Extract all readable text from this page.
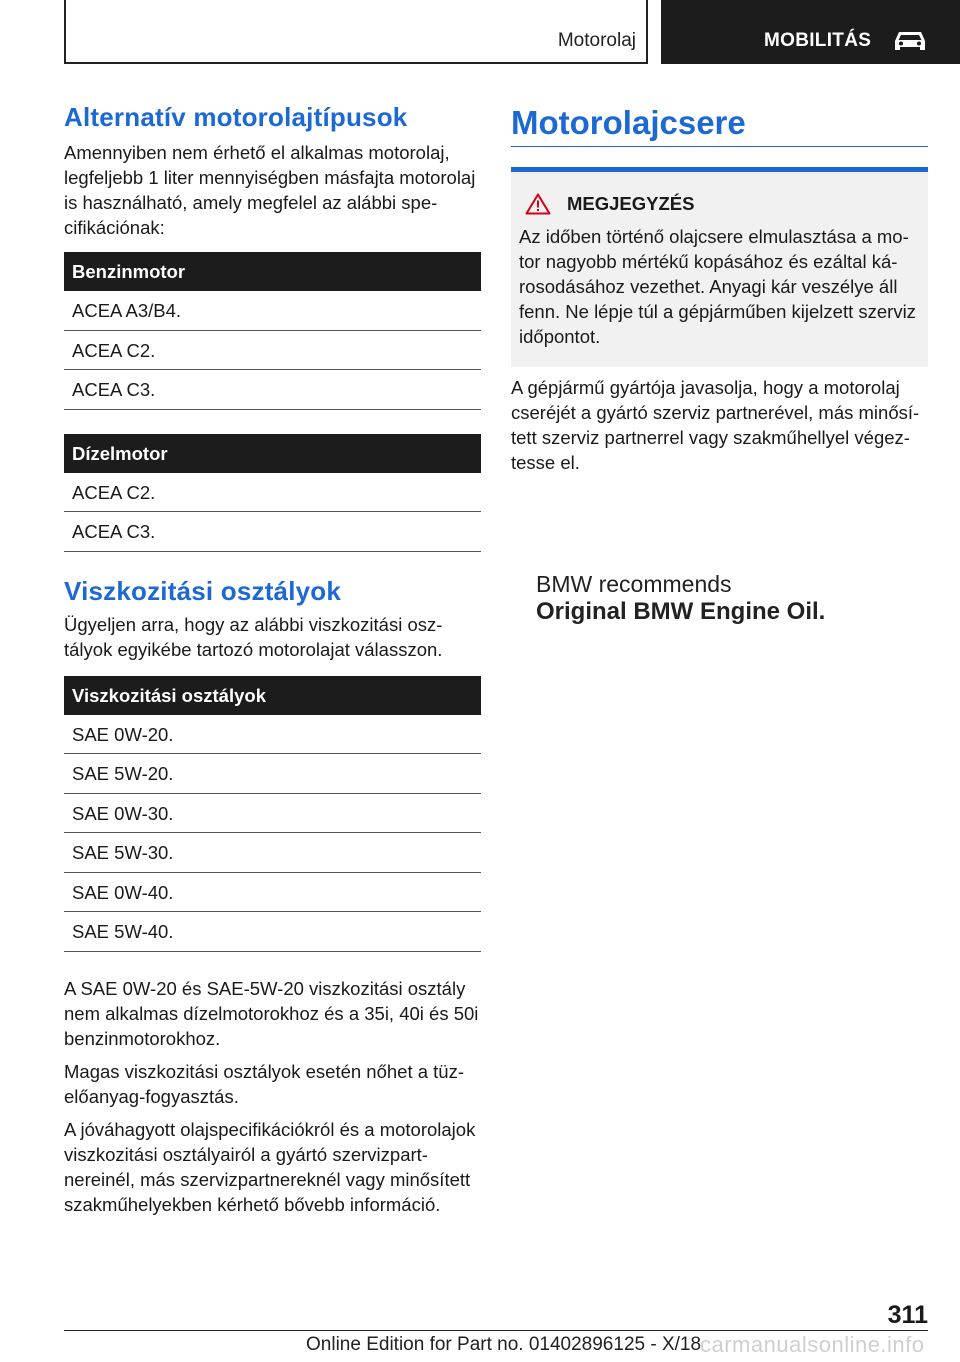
Motorolaj	MOBILITÁS
Alternatív motorolajtípusok

Amennyiben nem érhető el alkalmas motorolaj, legfeljebb 1 liter mennyiségben másfajta motorolaj is használható, amely megfelel az alábbi specifikációnak:

Benzinmotor
ACEA A3/B4.
ACEA C2.
ACEA C3.
Dízelmotor
ACEA C2.
ACEA C3.
Viszkozitási osztályok

Ügyeljen arra, hogy az alábbi viszkozitási osztályok egyikébe tartozó motorolajat válasszon.

Viszkozitási osztályok
SAE 0W-20.
SAE 5W-20.
SAE 0W-30.
SAE 5W-30.
SAE 0W-40.
SAE 5W-40.

A SAE 0W-20 és SAE-5W-20 viszkozitási osztály nem alkalmas dízelmotorokhoz és a 35i, 40i és 50i benzinmotorokhoz.

Magas viszkozitási osztályok esetén nőhet a tüzelőanyag-fogyasztás.

A jóváhagyott olajspecifikációkról és a motorolajok viszkozitási osztályairól a gyártó szervizpartnereinél, más szervizpartnereknél vagy minősített szakműhelyekben kérhető bővebb információ.

Motorolajcsere
MEGJEGYZÉS

Az időben történő olajcsere elmulasztása a motor nagyobb mértékű kopásához és ezáltal károsodásához vezethet. Anyagi kár veszélye áll fenn. Ne lépje túl a gépjárműben kijelzett szerviz időpontot.

A gépjármű gyártója javasolja, hogy a motorolaj cseréjét a gyártó szerviz partnerével, más minősített szerviz partnerrel vagy szakműhellyel végeztesse el.

BMW recommends
Original BMW Engine Oil.
311
carmanualsonline.info
Online Edition for Part no. 01402896125 - X/18
